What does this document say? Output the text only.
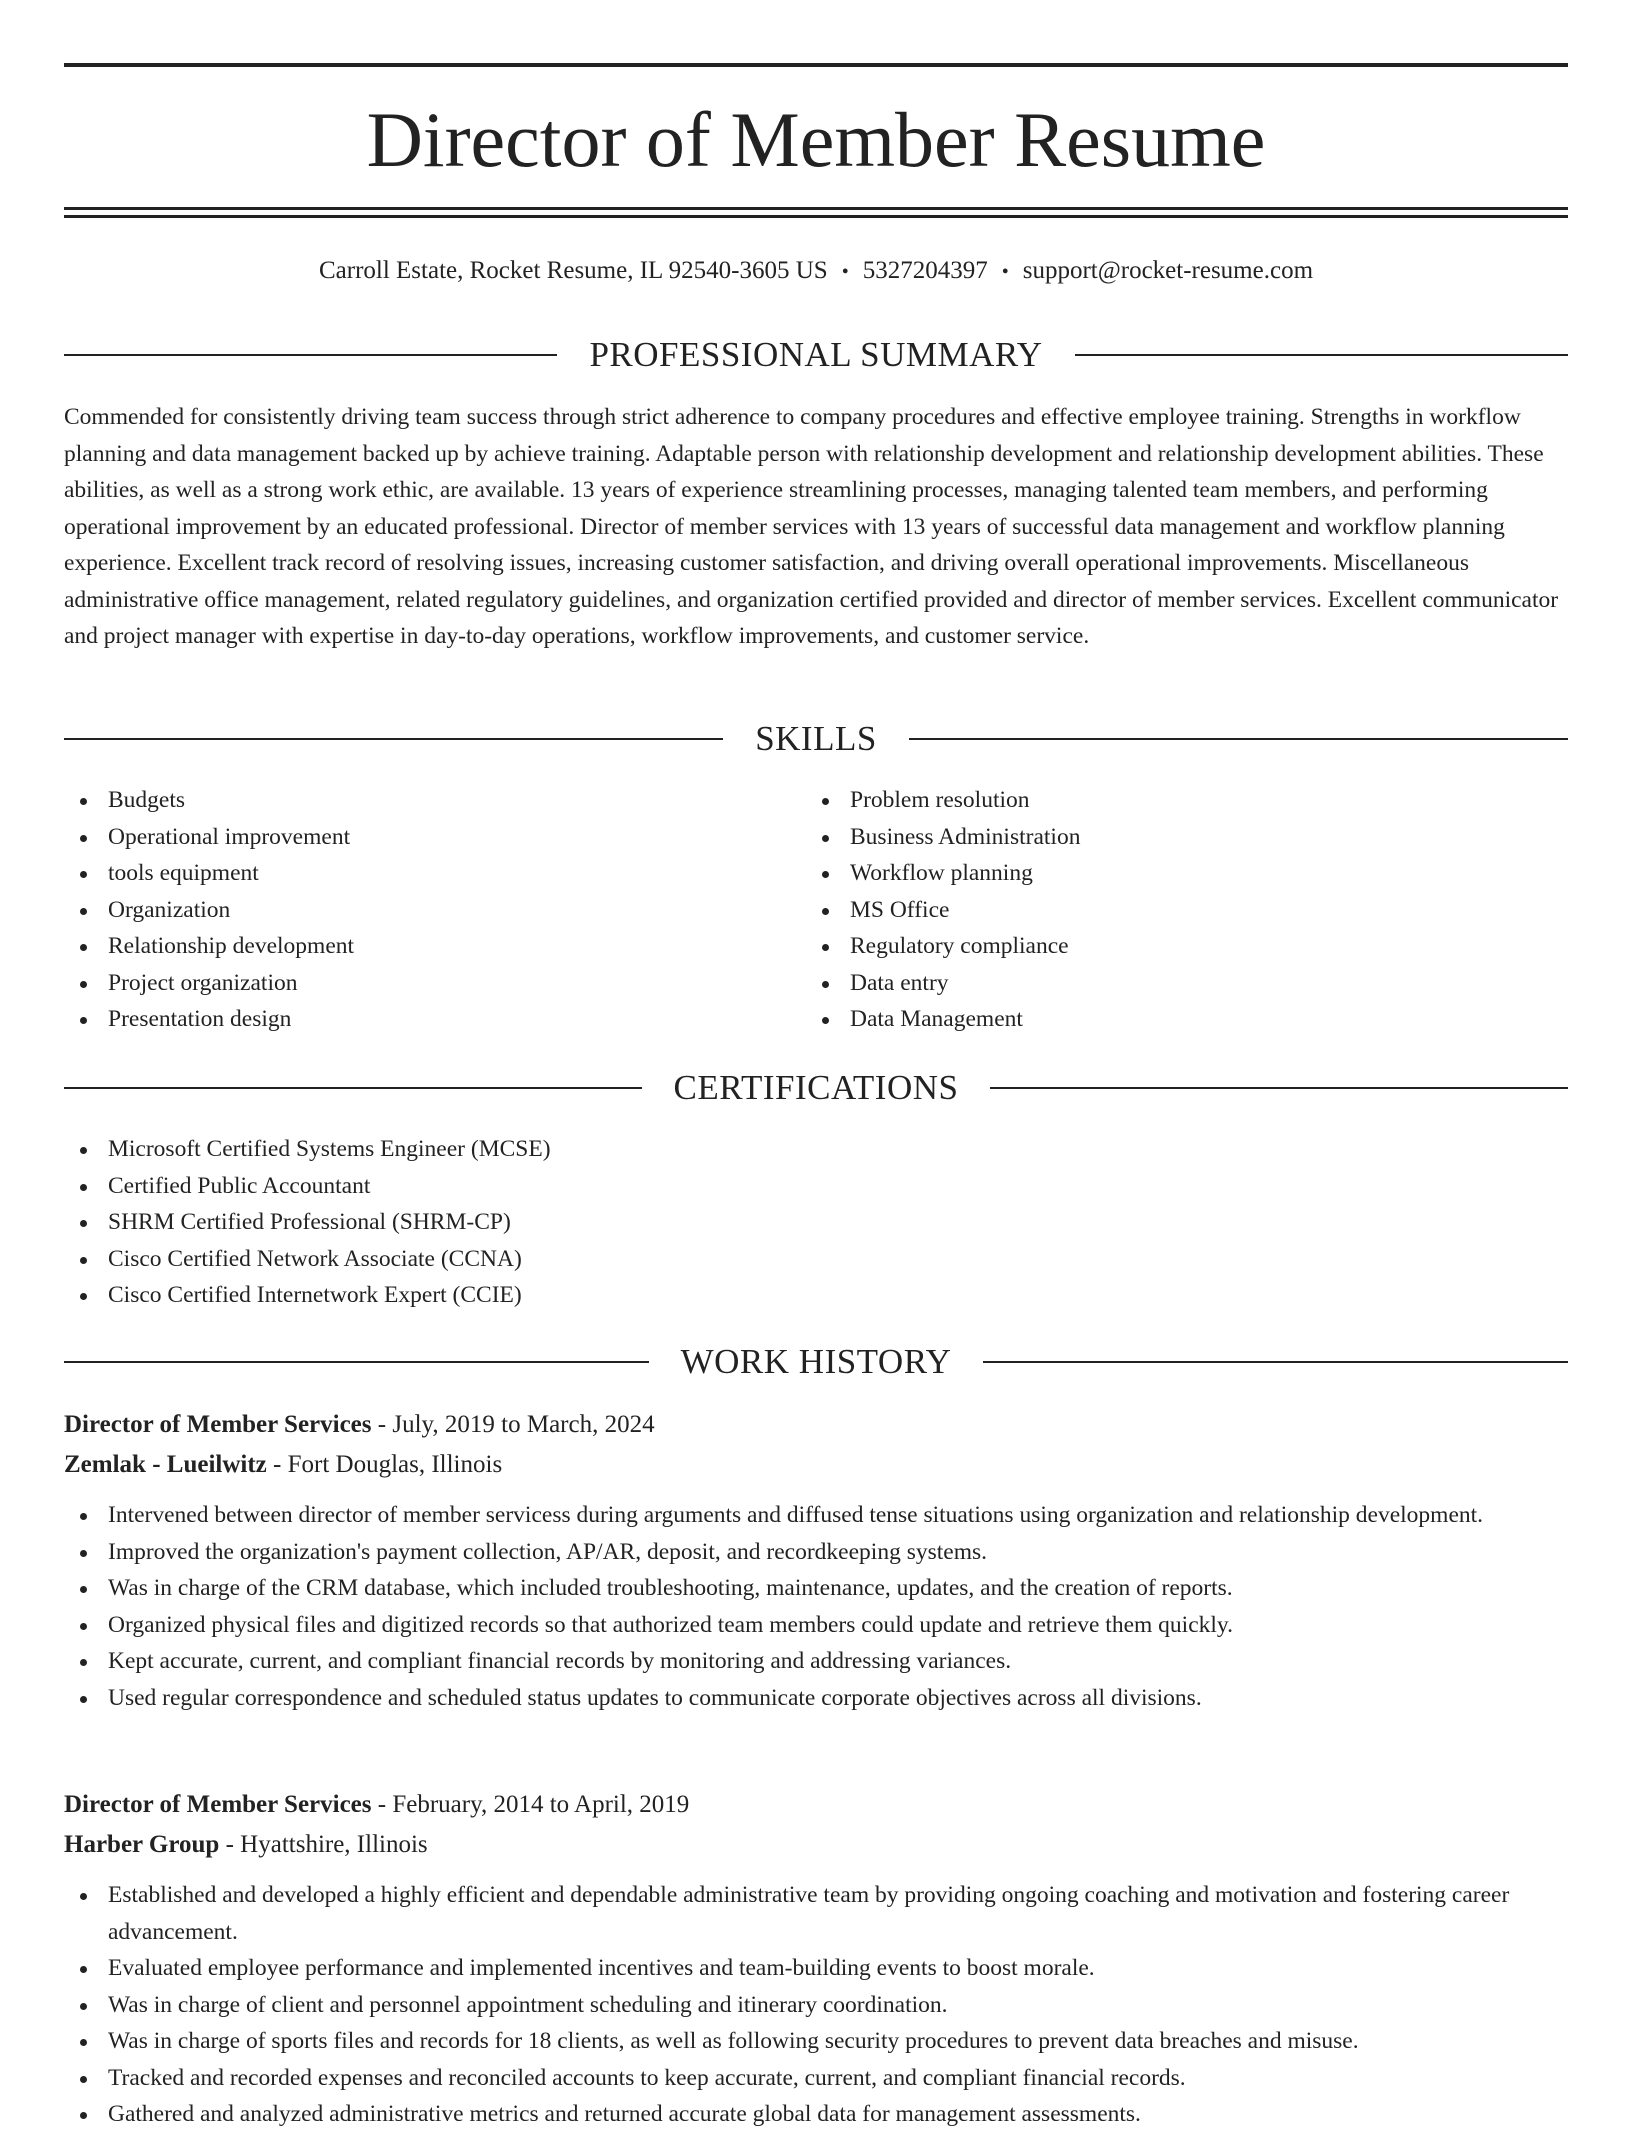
Director of Member Resume
Carroll Estate, Rocket Resume, IL 92540-3605 US • 5327204397 • support@rocket-resume.com
PROFESSIONAL SUMMARY

Commended for consistently driving team success through strict adherence to company procedures and effective employee training. Strengths in workflow planning and data management backed up by achieve training. Adaptable person with relationship development and relationship development abilities. These abilities, as well as a strong work ethic, are available. 13 years of experience streamlining processes, managing talented team members, and performing operational improvement by an educated professional. Director of member services with 13 years of successful data management and workflow planning experience. Excellent track record of resolving issues, increasing customer satisfaction, and driving overall operational improvements. Miscellaneous administrative office management, related regulatory guidelines, and organization certified provided and director of member services. Excellent communicator and project manager with expertise in day-to-day operations, workflow improvements, and customer service.

SKILLS
Budgets
Operational improvement
tools equipment
Organization
Relationship development
Project organization
Presentation design
Problem resolution
Business Administration
Workflow planning
MS Office
Regulatory compliance
Data entry
Data Management
CERTIFICATIONS
Microsoft Certified Systems Engineer (MCSE)
Certified Public Accountant
SHRM Certified Professional (SHRM-CP)
Cisco Certified Network Associate (CCNA)
Cisco Certified Internetwork Expert (CCIE)
WORK HISTORY
Director of Member Services - July, 2019 to March, 2024
Zemlak - Lueilwitz - Fort Douglas, Illinois
Intervened between director of member servicess during arguments and diffused tense situations using organization and relationship development.
Improved the organization's payment collection, AP/AR, deposit, and recordkeeping systems.
Was in charge of the CRM database, which included troubleshooting, maintenance, updates, and the creation of reports.
Organized physical files and digitized records so that authorized team members could update and retrieve them quickly.
Kept accurate, current, and compliant financial records by monitoring and addressing variances.
Used regular correspondence and scheduled status updates to communicate corporate objectives across all divisions.
Director of Member Services - February, 2014 to April, 2019
Harber Group - Hyattshire, Illinois
Established and developed a highly efficient and dependable administrative team by providing ongoing coaching and motivation and fostering career advancement.
Evaluated employee performance and implemented incentives and team-building events to boost morale.
Was in charge of client and personnel appointment scheduling and itinerary coordination.
Was in charge of sports files and records for 18 clients, as well as following security procedures to prevent data breaches and misuse.
Tracked and recorded expenses and reconciled accounts to keep accurate, current, and compliant financial records.
Gathered and analyzed administrative metrics and returned accurate global data for management assessments.
